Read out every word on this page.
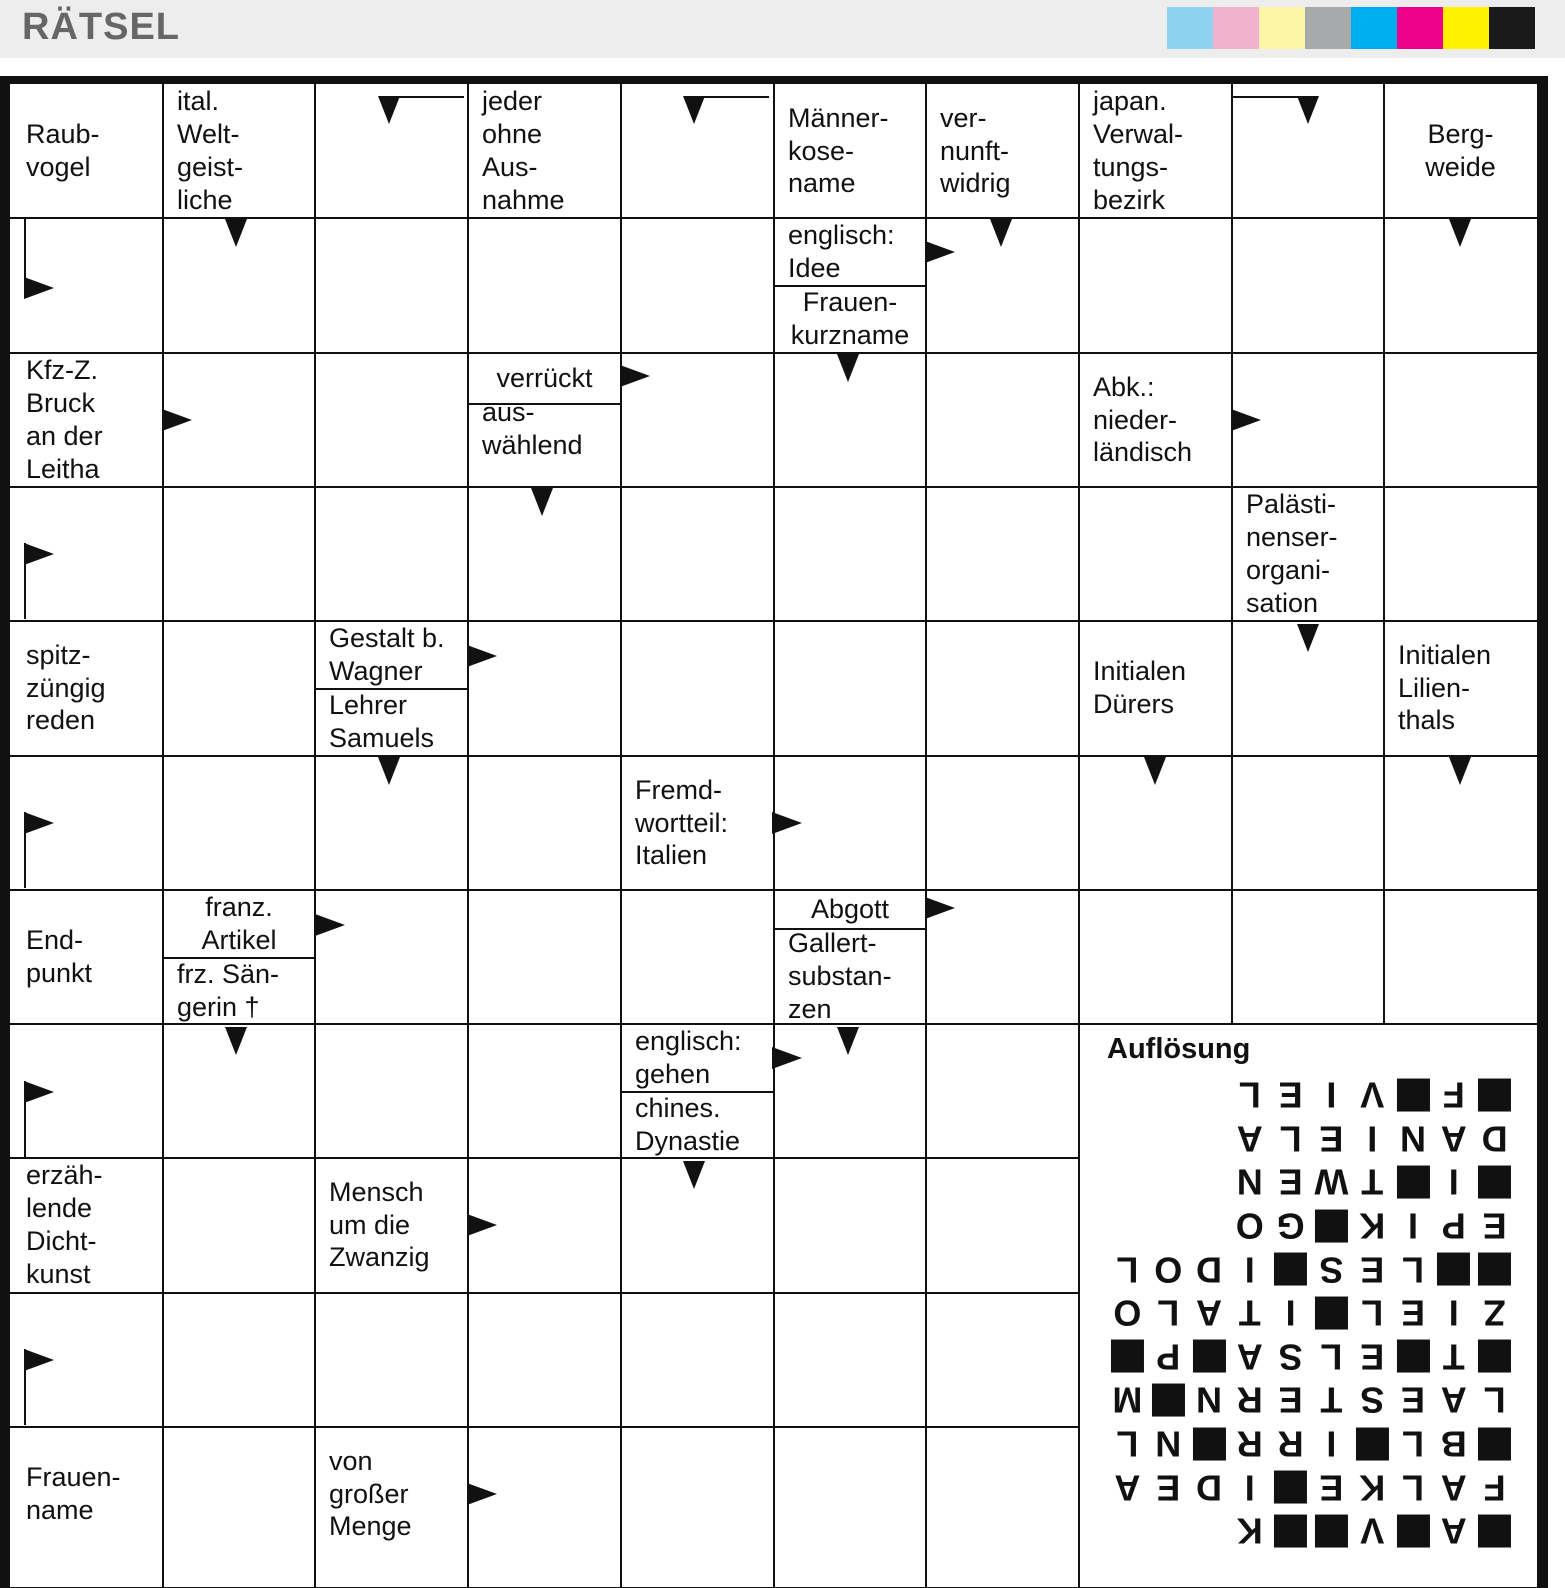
RÄTSEL
Raub-
vogel
ital.
Welt-
geist-
liche
jeder
ohne
Aus-
nahme
Männer-
kose-
name
ver-
nunft-
widrig
japan.
Verwal-
tungs-
bezirk
Berg-
weide
englisch:
Idee
Frauen-
kurzname
Kfz-Z.
Bruck
an der
Leitha
verrückt
aus-
wählend
Abk.:
nieder-
ländisch
Palästi-
nenser-
organi-
sation
spitz-
züngig
reden
Gestalt b.
Wagner
Lehrer
Samuels
Initialen
Dürers
Initialen
Lilien-
thals
Fremd-
wortteil:
Italien
End-
punkt
franz.
Artikel
frz. Sän-
gerin †
Abgott
Gallert-
substan-
zen
englisch:
gehen
chines.
Dynastie
erzäh-
lende
Dicht-
kunst
Mensch
um die
Zwanzig
Frauen-
name
von
großer
Menge
Auflösung
A
V
K
F
A
L
K
E
I
D
E
A
B
L
I
R
R
N
L
L
A
E
S
T
E
R
N
M
T
E
L
S
A
P
Z
I
E
L
I
T
A
L
O
L
E
S
I
D
O
L
E
P
I
K
G
O
I
T
W
E
N
D
A
N
I
E
L
A
F
V
I
E
L
